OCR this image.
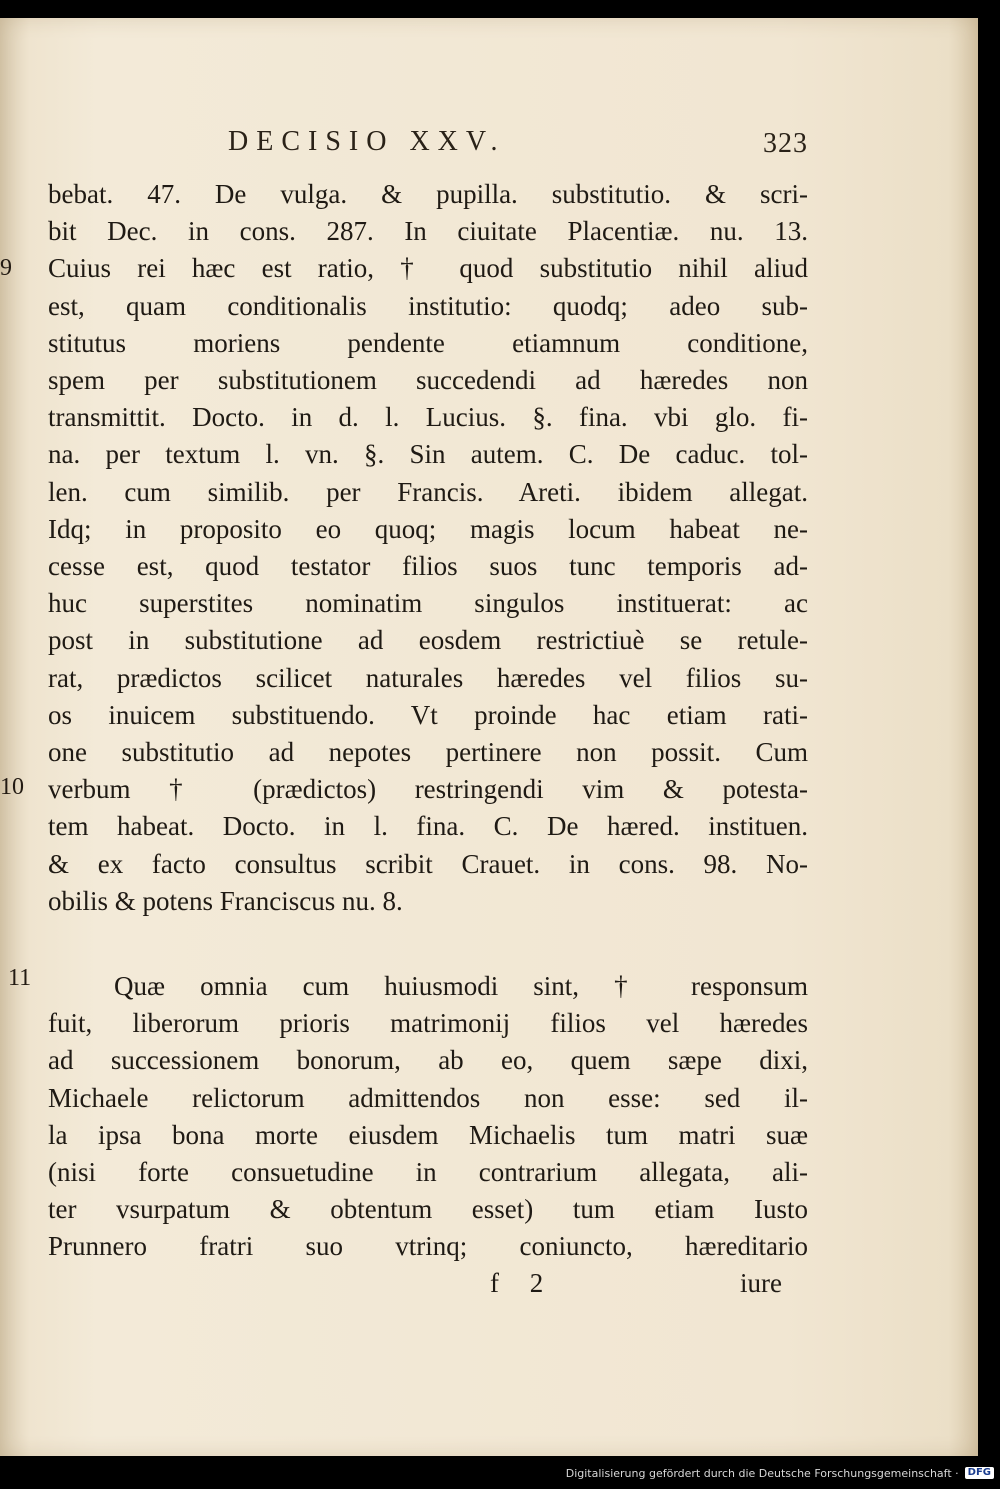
DECISIO XXV.	323
9
10
11
bebat. 47. De vulga. & pupilla. substitutio. & scri-
bit Dec. in cons. 287. In ciuitate Placentiæ. nu. 13.
Cuius rei hæc est ratio, † quod substitutio nihil aliud
est, quam conditionalis institutio: quodq; adeo sub-
stitutus moriens pendente etiamnum conditione,
spem per substitutionem succedendi ad hæredes non
transmittit. Docto. in d. l. Lucius. §. fina. vbi glo. fi-
na. per textum l. vn. §. Sin autem. C. De caduc. tol-
len. cum similib. per Francis. Areti. ibidem allegat.
Idq; in proposito eo quoq; magis locum habeat ne-
cesse est, quod testator filios suos tunc temporis ad-
huc superstites nominatim singulos instituerat: ac
post in substitutione ad eosdem restrictiuè se retule-
rat, prædictos scilicet naturales hæredes vel filios su-
os inuicem substituendo. Vt proinde hac etiam rati-
one substitutio ad nepotes pertinere non possit. Cum
verbum † (prædictos) restringendi vim & potesta-
tem habeat. Docto. in l. fina. C. De hæred. instituen.
& ex facto consultus scribit Crauet. in cons. 98. No-
obilis & potens Franciscus nu. 8.
Quæ omnia cum huiusmodi sint, † responsum
fuit, liberorum prioris matrimonij filios vel hæredes
ad successionem bonorum, ab eo, quem sæpe dixi,
Michaele relictorum admittendos non esse: sed il-
la ipsa bona morte eiusdem Michaelis tum matri suæ
(nisi forte consuetudine in contrarium allegata, ali-
ter vsurpatum & obtentum esset) tum etiam Iusto
Prunnero fratri suo vtrinq; coniuncto, hæreditario
f 2	iure
Digitalisierung gefördert durch die Deutsche Forschungsgemeinschaft · DFG
